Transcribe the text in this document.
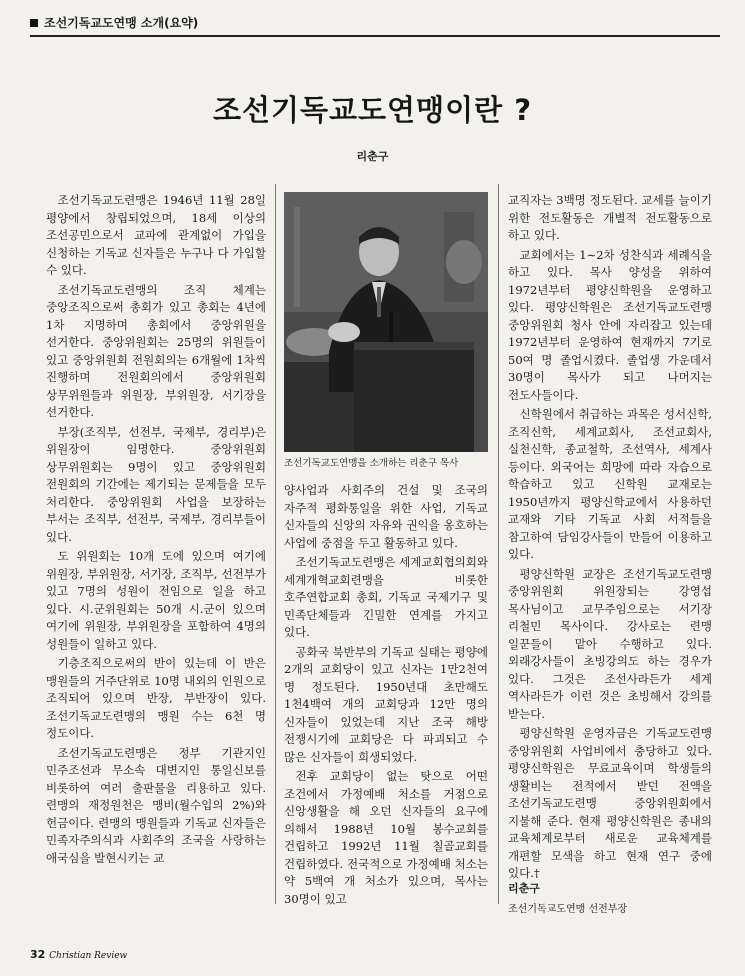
조선기독교도연맹 소개(요약)
조선기독교도연맹이란 ?
리춘구

조선기독교도련맹은 1946년 11월 28일 평양에서 창립되었으며, 18세 이상의 조선공민으로서 교파에 관계없이 가입을 신청하는 기독교 신자들은 누구나 다 가입할 수 있다.

조선기독교도련맹의 조직 체계는 중앙조직으로써 총회가 있고 총회는 4년에 1차 지명하며 총회에서 중앙위원을 선거한다. 중앙위원회는 25명의 위원들이 있고 중앙위원회 전원회의는 6개월에 1차씩 진행하며 전원회의에서 중앙위원회 상무위원들과 위원장, 부위원장, 서기장을 선거한다.

부장(조직부, 선전부, 국제부, 경리부)은 위원장이 임명한다. 중앙위원회 상무위원회는 9명이 있고 중앙위원회 전원회의 기간에는 제기되는 문제들을 모두 처리한다. 중앙위원회 사업을 보장하는 부서는 조직부, 선전부, 국제부, 경리부들이 있다.

도 위원회는 10개 도에 있으며 여기에 위원장, 부위원장, 서기장, 조직부, 선전부가 있고 7명의 성원이 전임으로 일을 하고 있다. 시.군위원회는 50개 시.군이 있으며 여기에 위원장, 부위원장을 포함하여 4명의 성원들이 일하고 있다.

기층조직으로써의 반이 있는데 이 반은 맹원들의 거주단위로 10명 내외의 인원으로 조직되어 있으며 반장, 부반장이 있다. 조선기독교도련맹의 맹원 수는 6천 명 정도이다.

조선기독교도련맹은 정부 기관지인 민주조선과 무소속 대변지인 통일신보를 비롯하여 여러 출판물을 리용하고 있다. 련맹의 재정원천은 맹비(월수입의 2%)와 헌금이다. 련맹의 맹원들과 기독교 신자들은 민족자주의식과 사회주의 조국을 사랑하는 애국심을 발현시키는 교

조선기독교도연맹을 소개하는 리춘구 목사

양사업과 사회주의 건설 및 조국의 자주적 평화통일을 위한 사업, 기독교 신자들의 신앙의 자유와 권익을 옹호하는 사업에 중점을 두고 활동하고 있다.

조선기독교도련맹은 세계교회협의회와 세계개혁교회련맹을 비롯한 호주연합교회 총회, 기독교 국제기구 및 민족단체들과 긴밀한 연계를 가지고 있다.

공화국 북반부의 기독교 실태는 평양에 2개의 교회당이 있고 신자는 1만2천여 명 정도된다. 1950년대 초만해도 1천4백여 개의 교회당과 12만 명의 신자들이 있었는데 지난 조국 해방 전쟁시기에 교회당은 다 파괴되고 수 많은 신자들이 희생되었다.

전후 교회당이 없는 탓으로 어떤 조건에서 가정예배 처소를 거점으로 신앙생활을 해 오던 신자들의 요구에 의해서 1988년 10월 봉수교회를 건립하고 1992년 11월 칠골교회를 건립하였다. 전국적으로 가정예배 처소는 약 5백여 개 처소가 있으며, 목사는 30명이 있고

교직자는 3백명 정도된다. 교세를 늘이기 위한 전도활동은 개별적 전도활동으로 하고 있다.

교회에서는 1∼2차 성찬식과 세례식을 하고 있다. 목사 양성을 위하여 1972년부터 평양신학원을 운영하고 있다. 평양신학원은 조선기독교도련맹 중앙위원회 청사 안에 자리잡고 있는데 1972년부터 운영하여 현재까지 7기로 50여 명 졸업시켰다. 졸업생 가운데서 30명이 목사가 되고 나머지는 전도사들이다.

신학원에서 취급하는 과목은 성서신학, 조직신학, 세계교회사, 조선교회사, 실천신학, 종교철학, 조선역사, 세계사 등이다. 외국어는 희망에 따라 자습으로 학습하고 있고 신학원 교재로는 1950년까지 평양신학교에서 사용하던 교재와 기타 기독교 사회 서적들을 참고하여 담임강사들이 만들어 이용하고 있다.

평양신학원 교장은 조선기독교도련맹 중앙위원회 위원장되는 강영섭 목사님이고 교무주임으로는 서기장 리철민 목사이다. 강사로는 련맹 일꾼들이 맡아 수행하고 있다. 외래강사들이 초빙강의도 하는 경우가 있다. 그것은 조선사라든가 세계 역사라든가 이런 것은 초빙해서 강의를 받는다.

평양신학원 운영자금은 기독교도련맹 중앙위원회 사업비에서 충당하고 있다. 평양신학원은 무료교육이며 학생들의 생활비는 전적에서 받던 전액을 조선기독교도련맹 중앙위원회에서 지불해 준다. 현재 평양신학원은 종내의 교육체계로부터 새로운 교육체계를 개편할 모색을 하고 현재 연구 중에 있다.†

리춘구
조선기독교도연맹 선전부장
32 Christian Review
